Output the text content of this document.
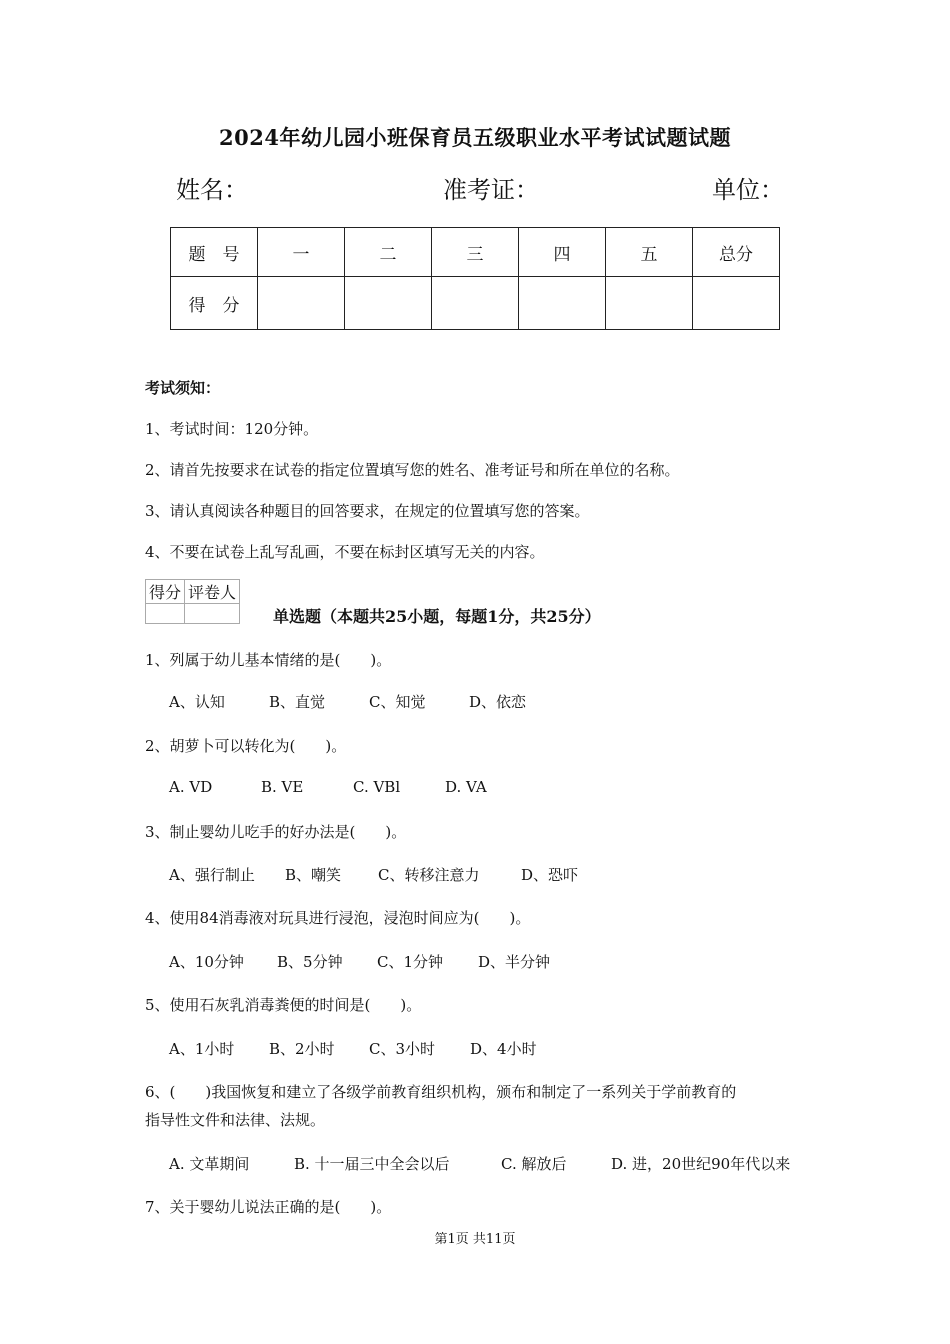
2024年幼儿园小班保育员五级职业水平考试试题试题
姓名：	准考证：	单位：
题　号	一	二	三	四	五	总分
得　分						
考试须知：
1、考试时间：120分钟。
2、请首先按要求在试卷的指定位置填写您的姓名、准考证号和所在单位的名称。
3、请认真阅读各种题目的回答要求，在规定的位置填写您的答案。
4、不要在试卷上乱写乱画，不要在标封区填写无关的内容。
得分	评卷人

单选题（本题共25小题，每题1分，共25分）
1、列属于幼儿基本情绪的是(　　)。
A、认知	B、直觉	C、知觉	D、依恋
2、胡萝卜可以转化为(　　)。
A. VD	B. VE	C. VBl	D. VA
3、制止婴幼儿吃手的好办法是(　　)。
A、强行制止 B、嘲笑 C、转移注意力	D、恐吓
4、使用84消毒液对玩具进行浸泡，浸泡时间应为(　　)。
A、10分钟 B、5分钟 C、1分钟 D、半分钟
5、使用石灰乳消毒粪便的时间是(　　)。
A、1小时 B、2小时 C、3小时 D、4小时
6、(　　)我国恢复和建立了各级学前教育组织机构，颁布和制定了一系列关于学前教育的
指导性文件和法律、法规。
A. 文革期间	B. 十一届三中全会以后	C. 解放后	D. 进，20世纪90年代以来
7、关于婴幼儿说法正确的是(　　)。
第1页 共11页
